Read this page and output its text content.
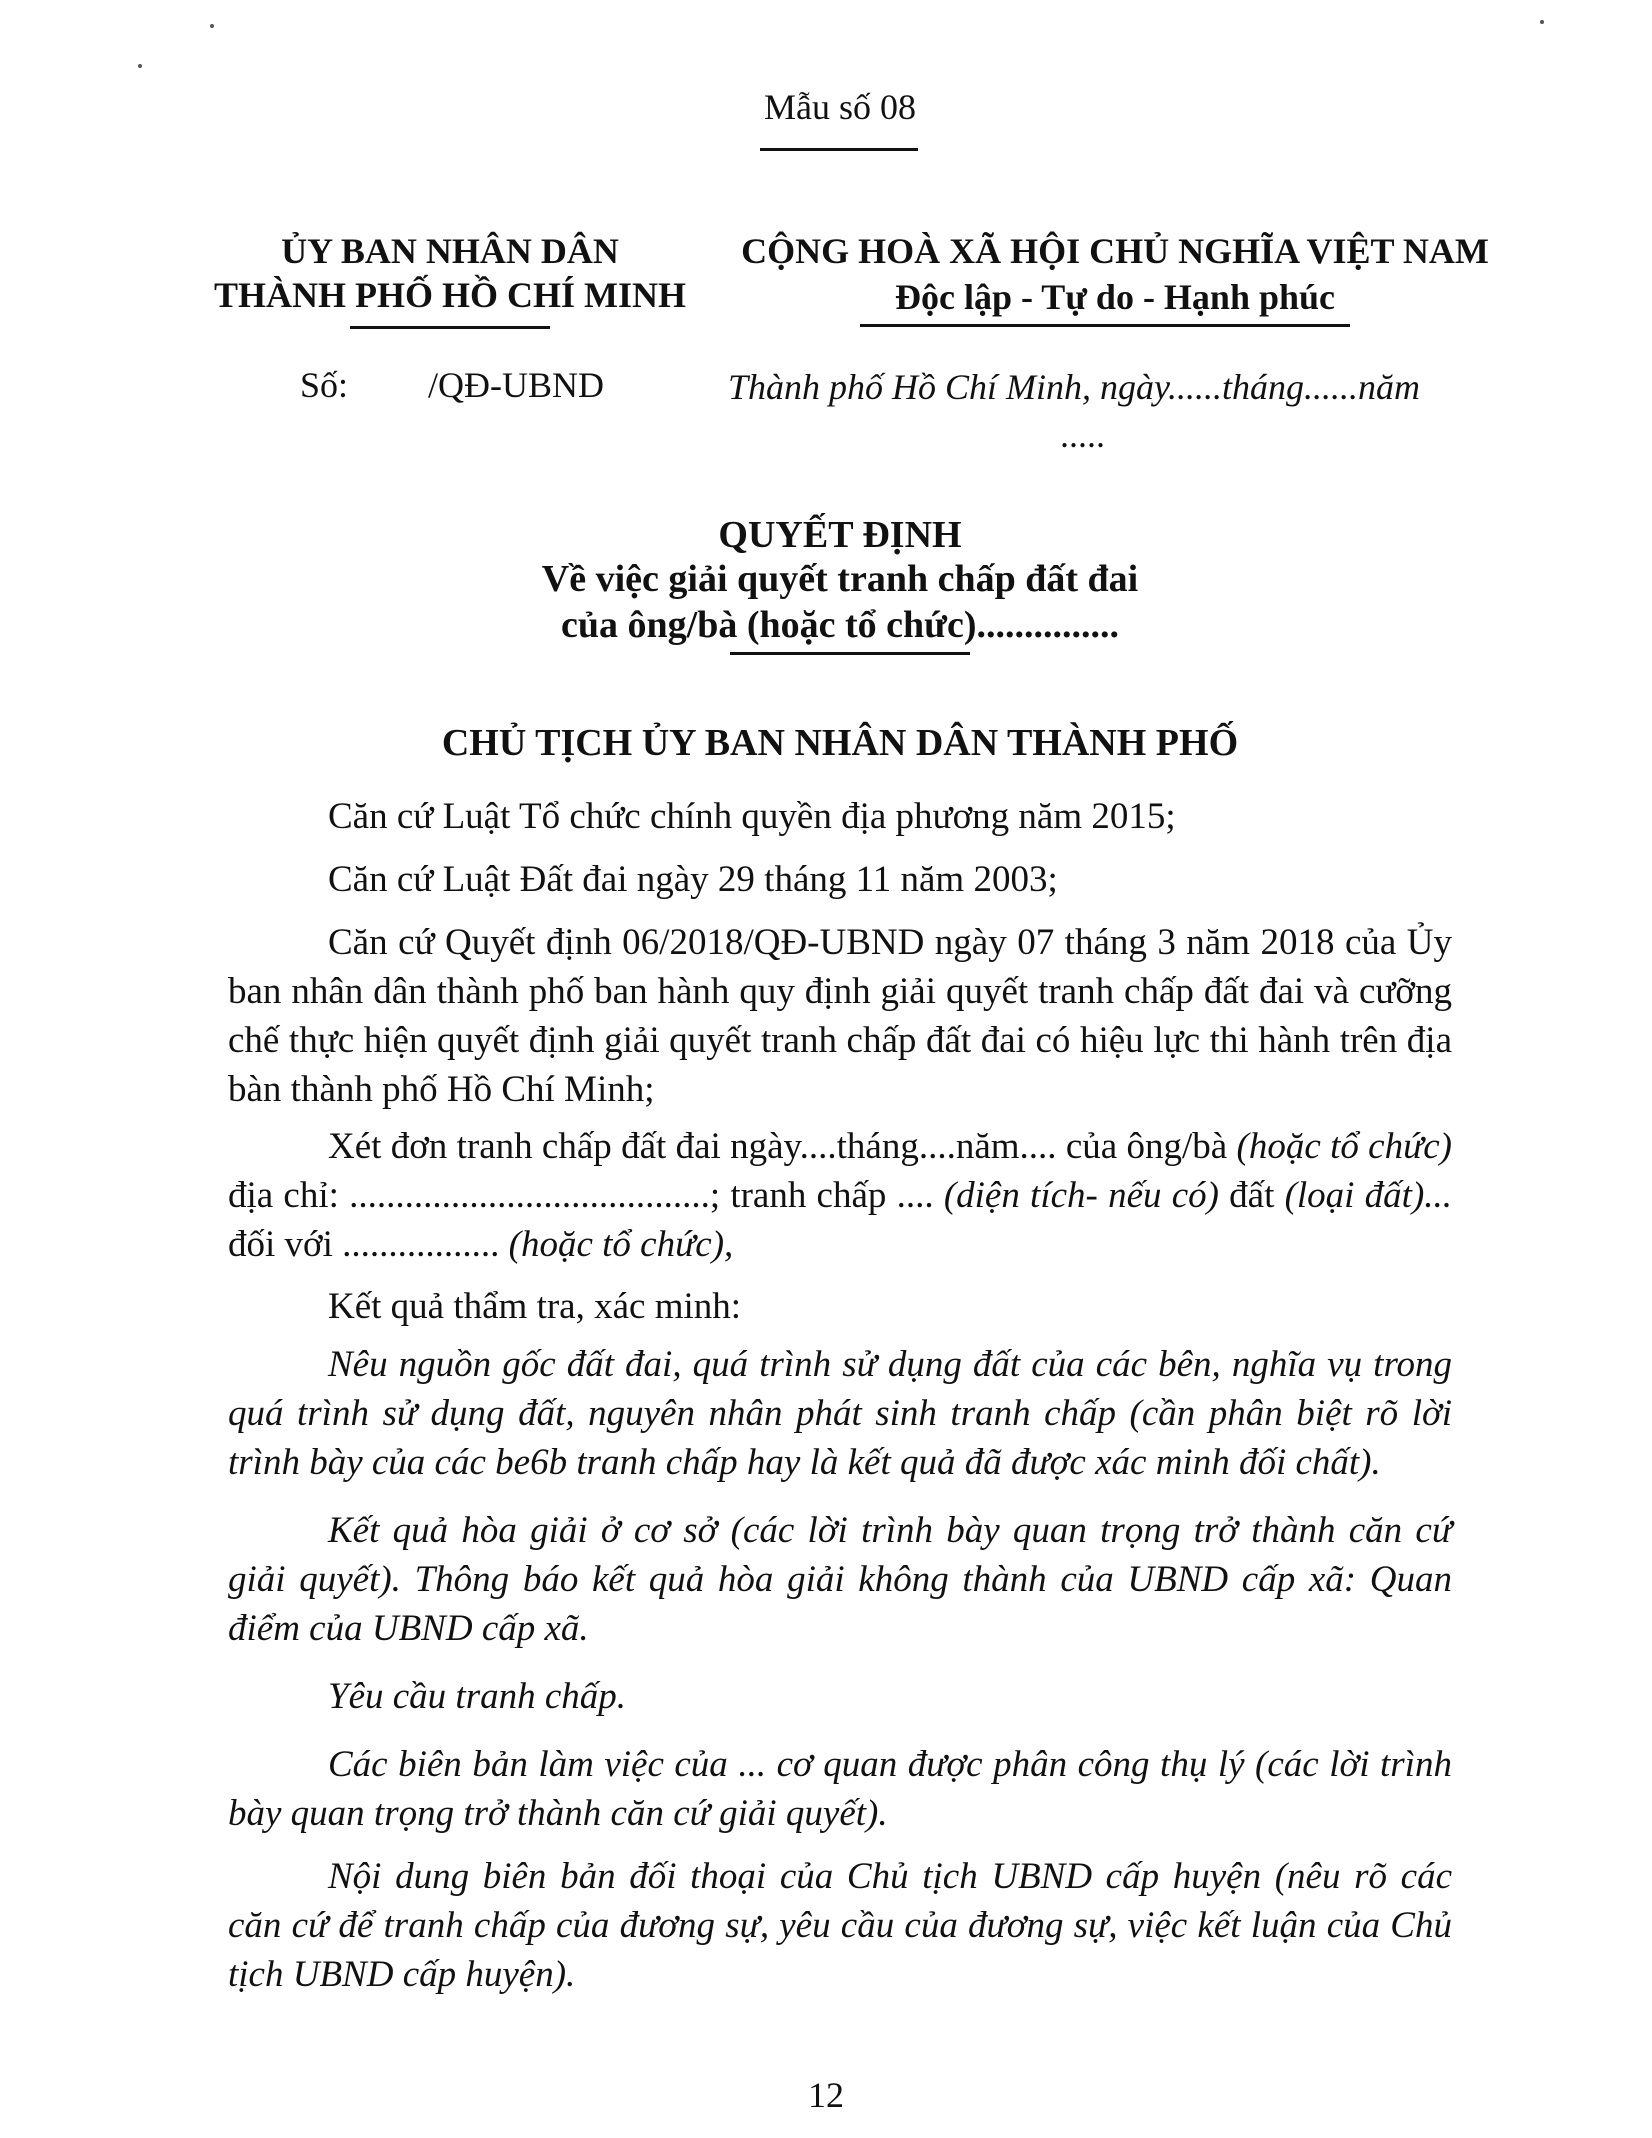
Mẫu số 08
ỦY BAN NHÂN DÂN
THÀNH PHỐ HỒ CHÍ MINH
CỘNG HOÀ XÃ HỘI CHỦ NGHĨA VIỆT NAM
Độc lập - Tự do - Hạnh phúc
Số: /QĐ-UBND	Thành phố Hồ Chí Minh, ngày......tháng......năm
.....
QUYẾT ĐỊNH
Về việc giải quyết tranh chấp đất đai
của ông/bà (hoặc tổ chức)...............
CHỦ TỊCH ỦY BAN NHÂN DÂN THÀNH PHỐ
Căn cứ Luật Tổ chức chính quyền địa phương năm 2015;
Căn cứ Luật Đất đai ngày 29 tháng 11 năm 2003;
Căn cứ Quyết định 06/2018/QĐ-UBND ngày 07 tháng 3 năm 2018 của Ủy ban nhân dân thành phố ban hành quy định giải quyết tranh chấp đất đai và cưỡng chế thực hiện quyết định giải quyết tranh chấp đất đai có hiệu lực thi hành trên địa bàn thành phố Hồ Chí Minh;
Xét đơn tranh chấp đất đai ngày....tháng....năm.... của ông/bà (hoặc tổ chức) địa chỉ: .......................................; tranh chấp .... (diện tích- nếu có) đất (loại đất)... đối với ................. (hoặc tổ chức),
Kết quả thẩm tra, xác minh:
Nêu nguồn gốc đất đai, quá trình sử dụng đất của các bên, nghĩa vụ trong quá trình sử dụng đất, nguyên nhân phát sinh tranh chấp (cần phân biệt rõ lời trình bày của các be6b tranh chấp hay là kết quả đã được xác minh đối chất).
Kết quả hòa giải ở cơ sở (các lời trình bày quan trọng trở thành căn cứ giải quyết). Thông báo kết quả hòa giải không thành của UBND cấp xã: Quan điểm của UBND cấp xã.
Yêu cầu tranh chấp.
Các biên bản làm việc của ... cơ quan được phân công thụ lý (các lời trình bày quan trọng trở thành căn cứ giải quyết).
Nội dung biên bản đối thoại của Chủ tịch UBND cấp huyện (nêu rõ các căn cứ để tranh chấp của đương sự, yêu cầu của đương sự, việc kết luận của Chủ tịch UBND cấp huyện).
12
